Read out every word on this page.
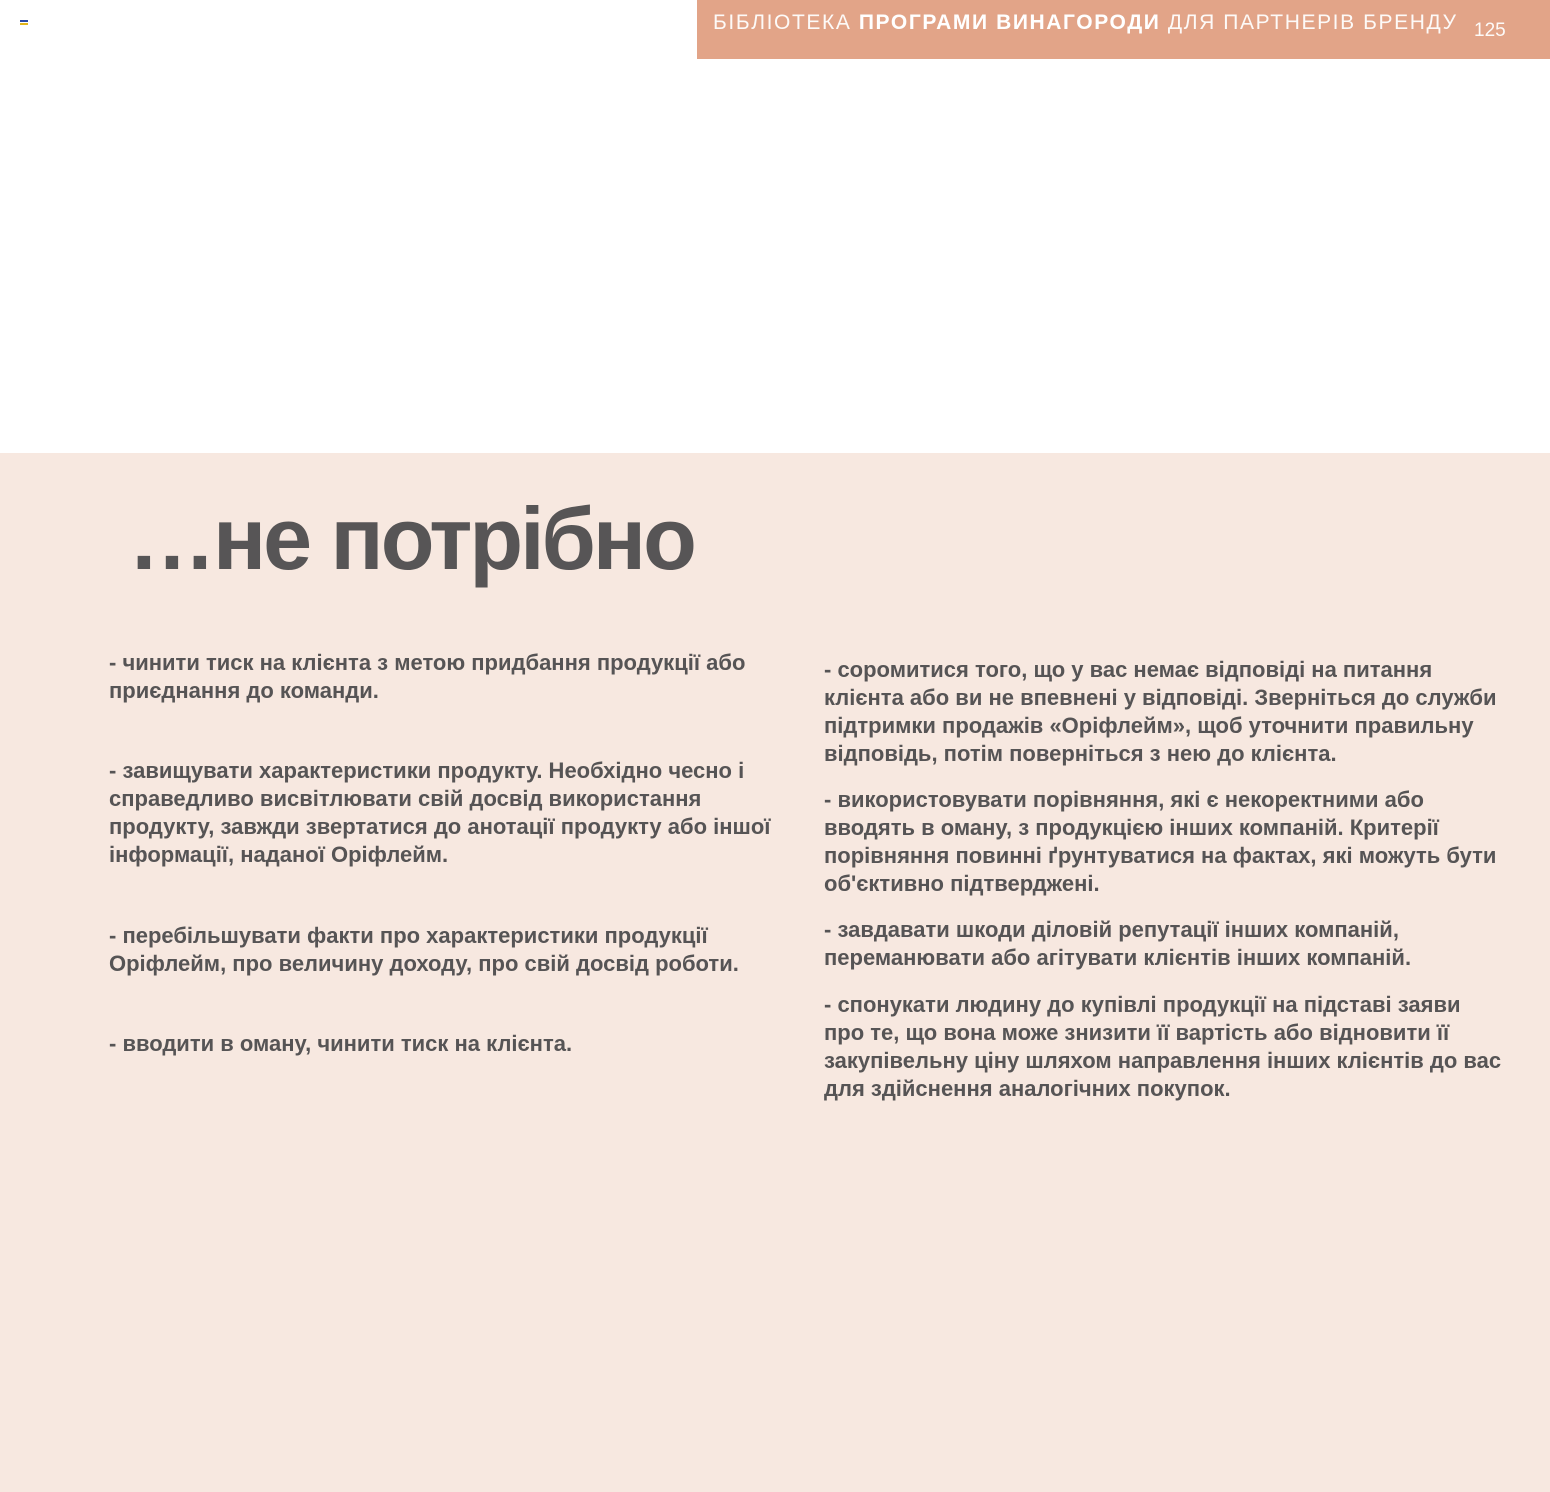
БІБЛІОТЕКА ПРОГРАМИ ВИНАГОРОДИ ДЛЯ ПАРТНЕРІВ БРЕНДУ 125
…не потрібно

- чинити тиск на клієнта з метою придбання продукції або приєднання до команди.

- завищувати характеристики продукту. Необхідно чесно і справедливо висвітлювати свій досвід використання продукту, завжди звертатися до анотації продукту або іншої інформації, наданої Оріфлейм.

- перебільшувати факти про характеристики продукції Оріфлейм, про величину доходу, про свій досвід роботи.

- вводити в оману, чинити тиск на клієнта.

- соромитися того, що у вас немає відповіді на питання клієнта або ви не впевнені у відповіді. Зверніться до служби підтримки продажів «Оріфлейм», щоб уточнити правильну відповідь, потім поверніться з нею до клієнта.

- використовувати порівняння, які є некоректними або вводять в оману, з продукцією інших компаній. Критерії порівняння повинні ґрунтуватися на фактах, які можуть бути об'єктивно підтверджені.

- завдавати шкоди діловій репутації інших компаній, переманювати або агітувати клієнтів інших компаній.

- спонукати людину до купівлі продукції на підставі заяви про те, що вона може знизити її вартість або відновити її закупівельну ціну шляхом направлення інших клієнтів до вас для здійснення аналогічних покупок.
